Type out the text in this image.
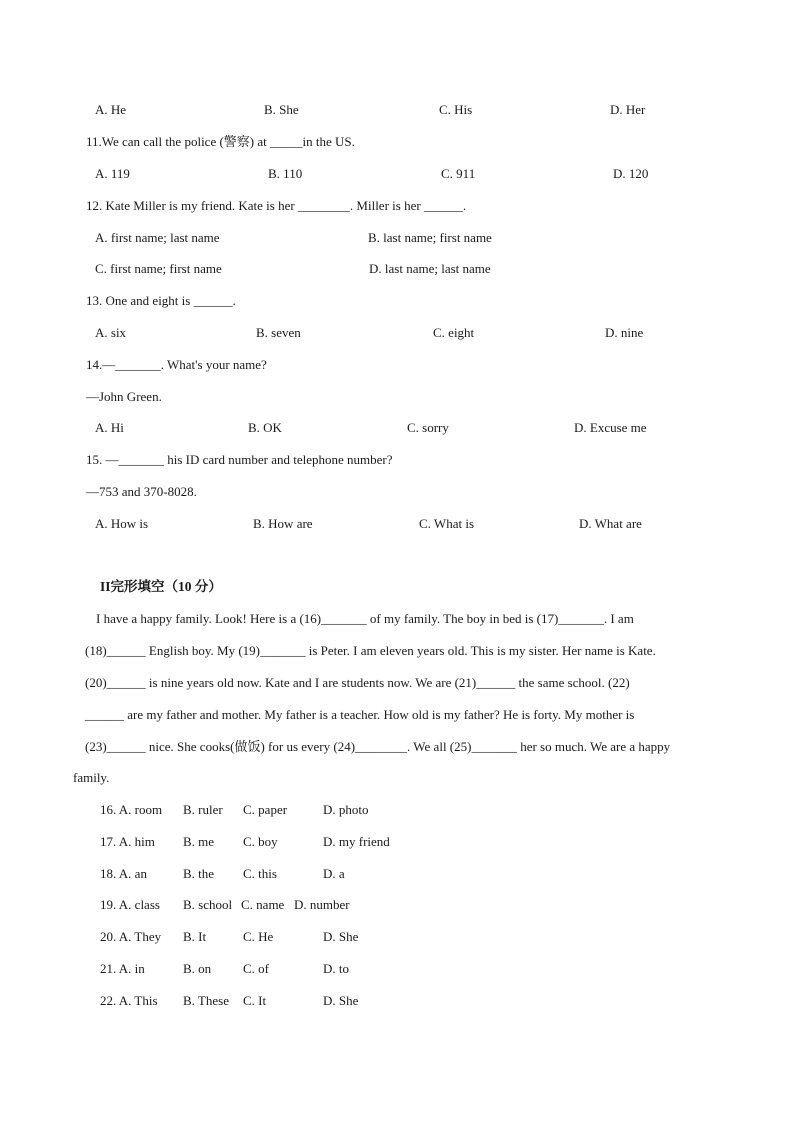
A. He	B. She	C. His	D. Her
11.We can call the police (警察) at _____in the US.
A. 119	B. 110	C. 911	D. 120
12. Kate Miller is my friend. Kate is her ________. Miller is her ______.
A. first name; last name	B. last name; first name
C. first name; first name	D. last name; last name
13. One and eight is ______.
A. six	B. seven	C. eight	D. nine
14.—_______. What's your name?
—John Green.
A. Hi	B. OK	C. sorry	D. Excuse me
15. —_______ his ID card number and telephone number?
—753 and 370-8028.
A. How is	B. How are	C. What is	D. What are
II完形填空（10 分）
I have a happy family. Look! Here is a (16)_______ of my family. The boy in bed is (17)_______. I am
(18)______ English boy. My (19)_______ is Peter. I am eleven years old. This is my sister. Her name is Kate.
(20)______ is nine years old now. Kate and I are students now. We are (21)______ the same school. (22)
______ are my father and mother. My father is a teacher. How old is my father? He is forty. My mother is
(23)______ nice. She cooks(做饭) for us every (24)________. We all (25)_______ her so much. We are a happy
family.
16. A. room B. ruler C. paper	D. photo
17. A. him B. me C. boy	D. my friend
18. A. an	B. the C. this	D. a
19. A. class B. school C. name D. number
20. A. They B. It	C. He	D. She
21. A. in	B. on C. of	D. to
22. A. This B. These C. It	D. She
